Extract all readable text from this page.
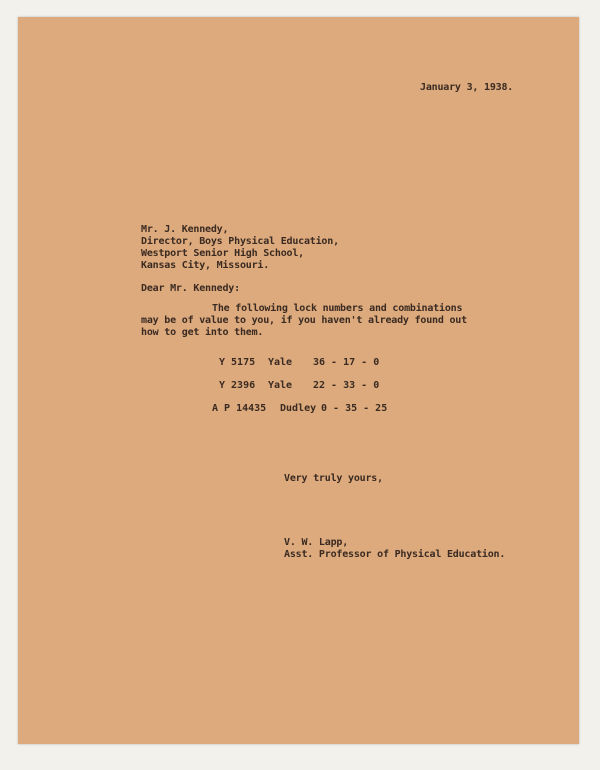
January 3, 1938.
Mr. J. Kennedy,
Director, Boys Physical Education,
Westport Senior High School,
Kansas City, Missouri.
Dear Mr. Kennedy:
The following lock numbers and combinations
may be of value to you, if you haven't already found out
how to get into them.

Y 5175

Yale

36 - 17 - 0

Y 2396

Yale

22 - 33 - 0

A P 14435

Dudley

0 - 35 - 25

Very truly yours,
V. W. Lapp,
Asst. Professor of Physical Education.
